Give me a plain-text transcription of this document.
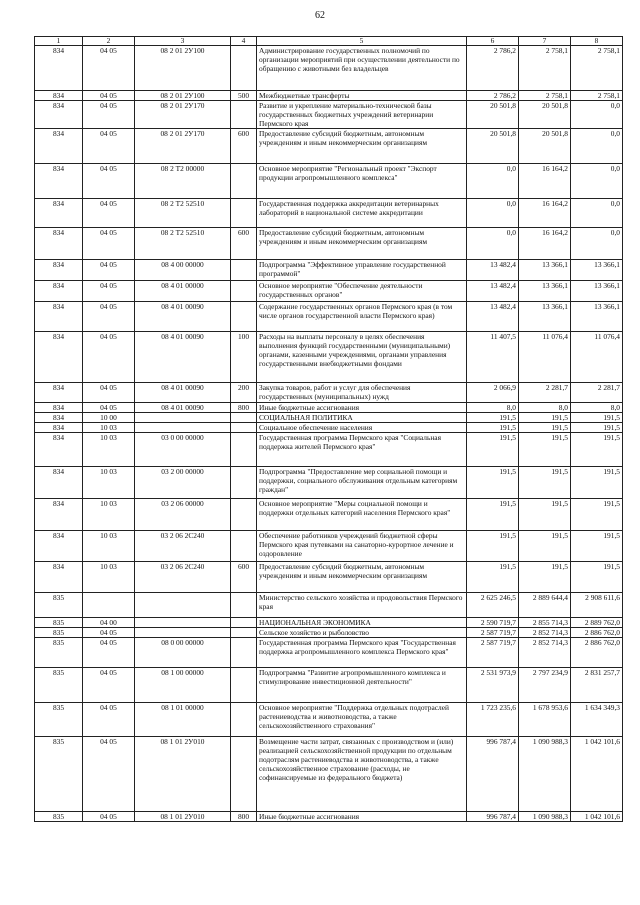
62
1	2	3	4	5	6	7	8
834	04 05	08 2 01 2У100		Администрирование государственных полномочий по организации мероприятий при осуществлении деятельности по обращению с животными без владельцев	2 786,2	2 758,1	2 758,1
834	04 05	08 2 01 2У100	500	Межбюджетные трансферты	2 786,2	2 758,1	2 758,1
834	04 05	08 2 01 2У170		Развитие и укрепление материально-технической базы государственных бюджетных учреждений ветеринарии Пермского края	20 501,8	20 501,8	0,0
834	04 05	08 2 01 2У170	600	Предоставление субсидий бюджетным, автономным учреждениям и иным некоммерческим организациям	20 501,8	20 501,8	0,0
834	04 05	08 2 Т2 00000		Основное мероприятие "Региональный проект "Экспорт продукции агропромышленного комплекса"	0,0	16 164,2	0,0
834	04 05	08 2 Т2 52510		Государственная поддержка аккредитации ветеринарных лабораторий в национальной системе аккредитации	0,0	16 164,2	0,0
834	04 05	08 2 Т2 52510	600	Предоставление субсидий бюджетным, автономным учреждениям и иным некоммерческим организациям	0,0	16 164,2	0,0
834	04 05	08 4 00 00000		Подпрограмма "Эффективное управление государственной программой"	13 482,4	13 366,1	13 366,1
834	04 05	08 4 01 00000		Основное мероприятие "Обеспечение деятельности государственных органов"	13 482,4	13 366,1	13 366,1
834	04 05	08 4 01 00090		Содержание государственных органов Пермского края (в том числе органов государственной власти Пермского края)	13 482,4	13 366,1	13 366,1
834	04 05	08 4 01 00090	100	Расходы на выплаты персоналу в целях обеспечения выполнения функций государственными (муниципальными) органами, казенными учреждениями, органами управления государственными внебюджетными фондами	11 407,5	11 076,4	11 076,4
834	04 05	08 4 01 00090	200	Закупка товаров, работ и услуг для обеспечения государственных (муниципальных) нужд	2 066,9	2 281,7	2 281,7
834	04 05	08 4 01 00090	800	Иные бюджетные ассигнования	8,0	8,0	8,0
834	10 00			СОЦИАЛЬНАЯ ПОЛИТИКА	191,5	191,5	191,5
834	10 03			Социальное обеспечение населения	191,5	191,5	191,5
834	10 03	03 0 00 00000		Государственная программа Пермского края "Социальная поддержка жителей Пермского края"	191,5	191,5	191,5
834	10 03	03 2 00 00000		Подпрограмма "Предоставление мер социальной помощи и поддержки, социального обслуживания отдельным категориям граждан"	191,5	191,5	191,5
834	10 03	03 2 06 00000		Основное мероприятие "Меры социальной помощи и поддержки отдельных категорий населения Пермского края"	191,5	191,5	191,5
834	10 03	03 2 06 2С240		Обеспечение работников учреждений бюджетной сферы Пермского края путевками на санаторно-курортное лечение и оздоровление	191,5	191,5	191,5
834	10 03	03 2 06 2С240	600	Предоставление субсидий бюджетным, автономным учреждениям и иным некоммерческим организациям	191,5	191,5	191,5
835				Министерство сельского хозяйства и продовольствия Пермского края	2 625 246,5	2 889 644,4	2 908 611,6
835	04 00			НАЦИОНАЛЬНАЯ ЭКОНОМИКА	2 590 719,7	2 855 714,3	2 889 762,0
835	04 05			Сельское хозяйство и рыболовство	2 587 719,7	2 852 714,3	2 886 762,0
835	04 05	08 0 00 00000		Государственная программа Пермского края "Государственная поддержка агропромышленного комплекса Пермского края"	2 587 719,7	2 852 714,3	2 886 762,0
835	04 05	08 1 00 00000		Подпрограмма "Развитие агропромышленного комплекса и стимулирование инвестиционной деятельности"	2 531 973,9	2 797 234,9	2 831 257,7
835	04 05	08 1 01 00000		Основное мероприятие "Поддержка отдельных подотраслей растениеводства и животноводства, а также сельскохозяйственного страхования"	1 723 235,6	1 678 953,6	1 634 349,3
835	04 05	08 1 01 2У010		Возмещение части затрат, связанных с производством и (или) реализацией сельскохозяйственной продукции по отдельным подотраслям растениеводства и животноводства, а также сельскохозяйственное страхование (расходы, не софинансируемые из федерального бюджета)	996 787,4	1 090 988,3	1 042 101,6
835	04 05	08 1 01 2У010	800	Иные бюджетные ассигнования	996 787,4	1 090 988,3	1 042 101,6
